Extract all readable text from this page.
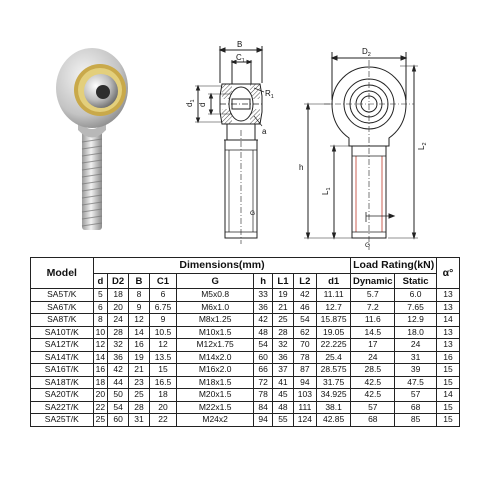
B
$C_1$
$R_1$
$d_1$
d
a
G
$D_2$
$L_2$
h
$L_1$
G
Model	Dimensions(mm)									Load Rating(kN)		α°
	d	D2	B	C1	G	h	L1	L2	d1	Dynamic	Static	
SA5T/K	5	18	8	6	M5x0.8	33	19	42	11.11	5.7	6.0	13
SA6T/K	6	20	9	6.75	M6x1.0	36	21	46	12.7	7.2	7.65	13
SA8T/K	8	24	12	9	M8x1.25	42	25	54	15.875	11.6	12.9	14
SA10T/K	10	28	14	10.5	M10x1.5	48	28	62	19.05	14.5	18.0	13
SA12T/K	12	32	16	12	M12x1.75	54	32	70	22.225	17	24	13
SA14T/K	14	36	19	13.5	M14x2.0	60	36	78	25.4	24	31	16
SA16T/K	16	42	21	15	M16x2.0	66	37	87	28.575	28.5	39	15
SA18T/K	18	44	23	16.5	M18x1.5	72	41	94	31.75	42.5	47.5	15
SA20T/K	20	50	25	18	M20x1.5	78	45	103	34.925	42.5	57	14
SA22T/K	22	54	28	20	M22x1.5	84	48	111	38.1	57	68	15
SA25T/K	25	60	31	22	M24x2	94	55	124	42.85	68	85	15
